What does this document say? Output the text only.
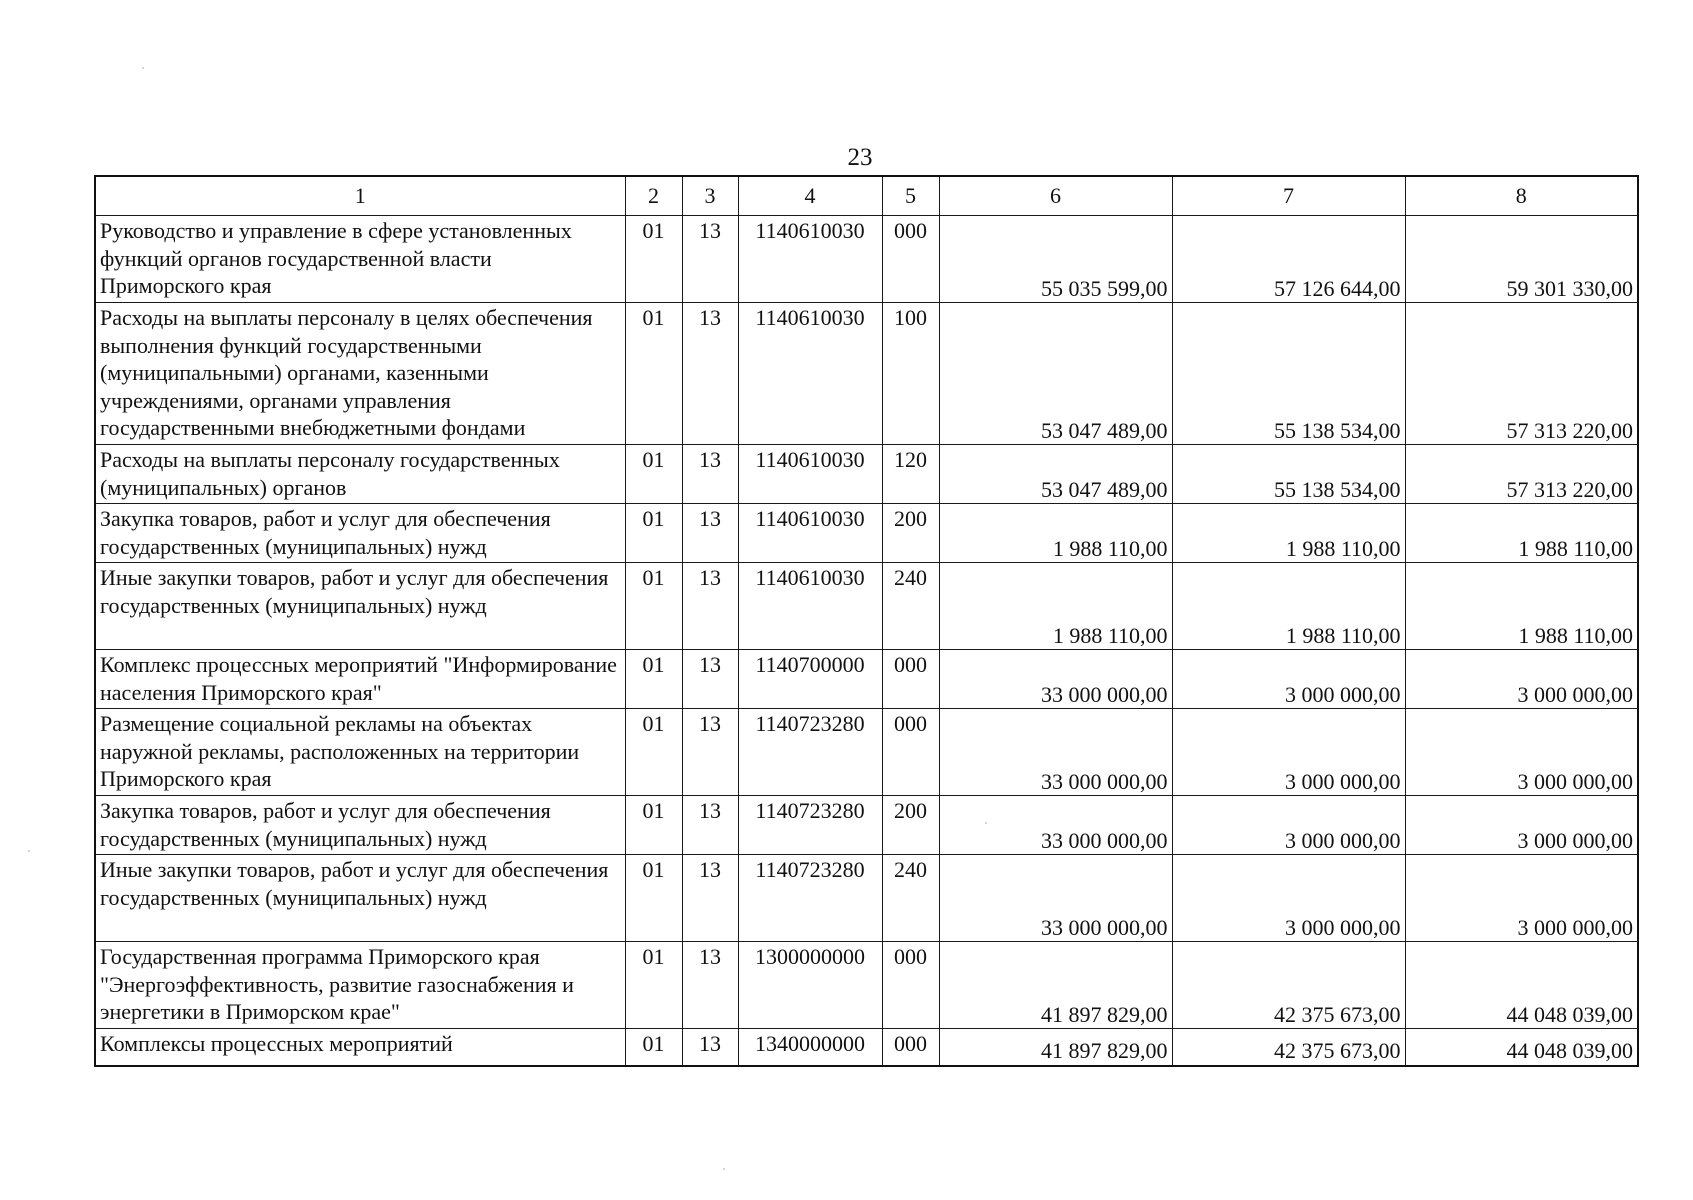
23
1	2	3	4	5	6	7	8
Руководство и управление в сфере установленных функций органов государственной власти Приморского края	01	13	1140610030	000	55 035 599,00	57 126 644,00	59 301 330,00
Расходы на выплаты персоналу в целях обеспечения выполнения функций государственными (муниципальными) органами, казенными учреждениями, органами управления государственными внебюджетными фондами	01	13	1140610030	100	53 047 489,00	55 138 534,00	57 313 220,00
Расходы на выплаты персоналу государственных (муниципальных) органов	01	13	1140610030	120	53 047 489,00	55 138 534,00	57 313 220,00
Закупка товаров, работ и услуг для обеспечения государственных (муниципальных) нужд	01	13	1140610030	200	1 988 110,00	1 988 110,00	1 988 110,00
Иные закупки товаров, работ и услуг для обеспечения государственных (муниципальных) нужд	01	13	1140610030	240	1 988 110,00	1 988 110,00	1 988 110,00
Комплекс процессных мероприятий "Информирование населения Приморского края"	01	13	1140700000	000	33 000 000,00	3 000 000,00	3 000 000,00
Размещение социальной рекламы на объектах наружной рекламы, расположенных на территории Приморского края	01	13	1140723280	000	33 000 000,00	3 000 000,00	3 000 000,00
Закупка товаров, работ и услуг для обеспечения государственных (муниципальных) нужд	01	13	1140723280	200	33 000 000,00	3 000 000,00	3 000 000,00
Иные закупки товаров, работ и услуг для обеспечения государственных (муниципальных) нужд	01	13	1140723280	240	33 000 000,00	3 000 000,00	3 000 000,00
Государственная программа Приморского края "Энергоэффективность, развитие газоснабжения и энергетики в Приморском крае"	01	13	1300000000	000	41 897 829,00	42 375 673,00	44 048 039,00
Комплексы процессных мероприятий	01	13	1340000000	000	41 897 829,00	42 375 673,00	44 048 039,00
